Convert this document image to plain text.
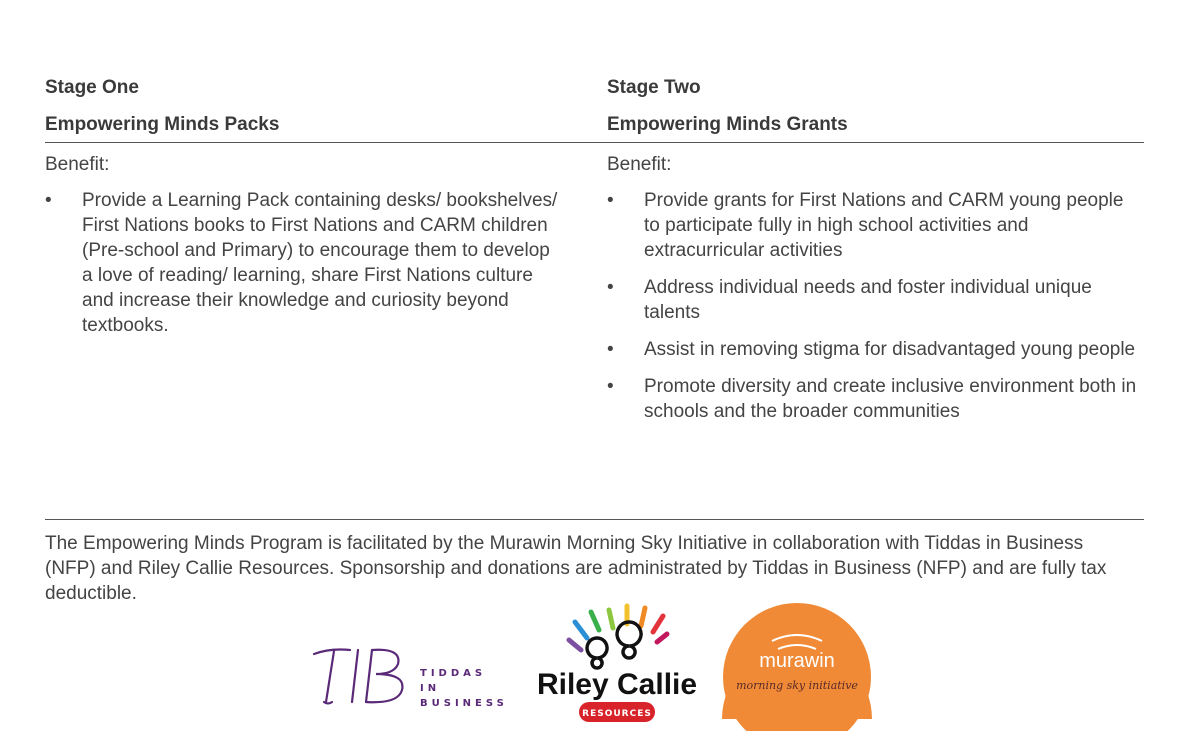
Stage One

Empowering Minds Packs

Benefit:

• Provide a Learning Pack containing desks/ bookshelves/ First Nations books to First Nations and CARM children (Pre-school and Primary) to encourage them to develop a love of reading/ learning, share First Nations culture and increase their knowledge and curiosity beyond textbooks.

Stage Two

Empowering Minds Grants

Benefit:

• Provide grants for First Nations and CARM young people to participate fully in high school activities and extracurricular activities
• Address individual needs and foster individual unique talents
• Assist in removing stigma for disadvantaged young people
• Promote diversity and create inclusive environment both in schools and the broader communities

The Empowering Minds Program is facilitated by the Murawin Morning Sky Initiative in collaboration with Tiddas in Business (NFP) and Riley Callie Resources. Sponsorship and donations are administrated by Tiddas in Business (NFP) and are fully tax deductible.

TIDDAS
IN
BUSINESS
Riley Callie
RESOURCES
murawin
morning sky initiative
